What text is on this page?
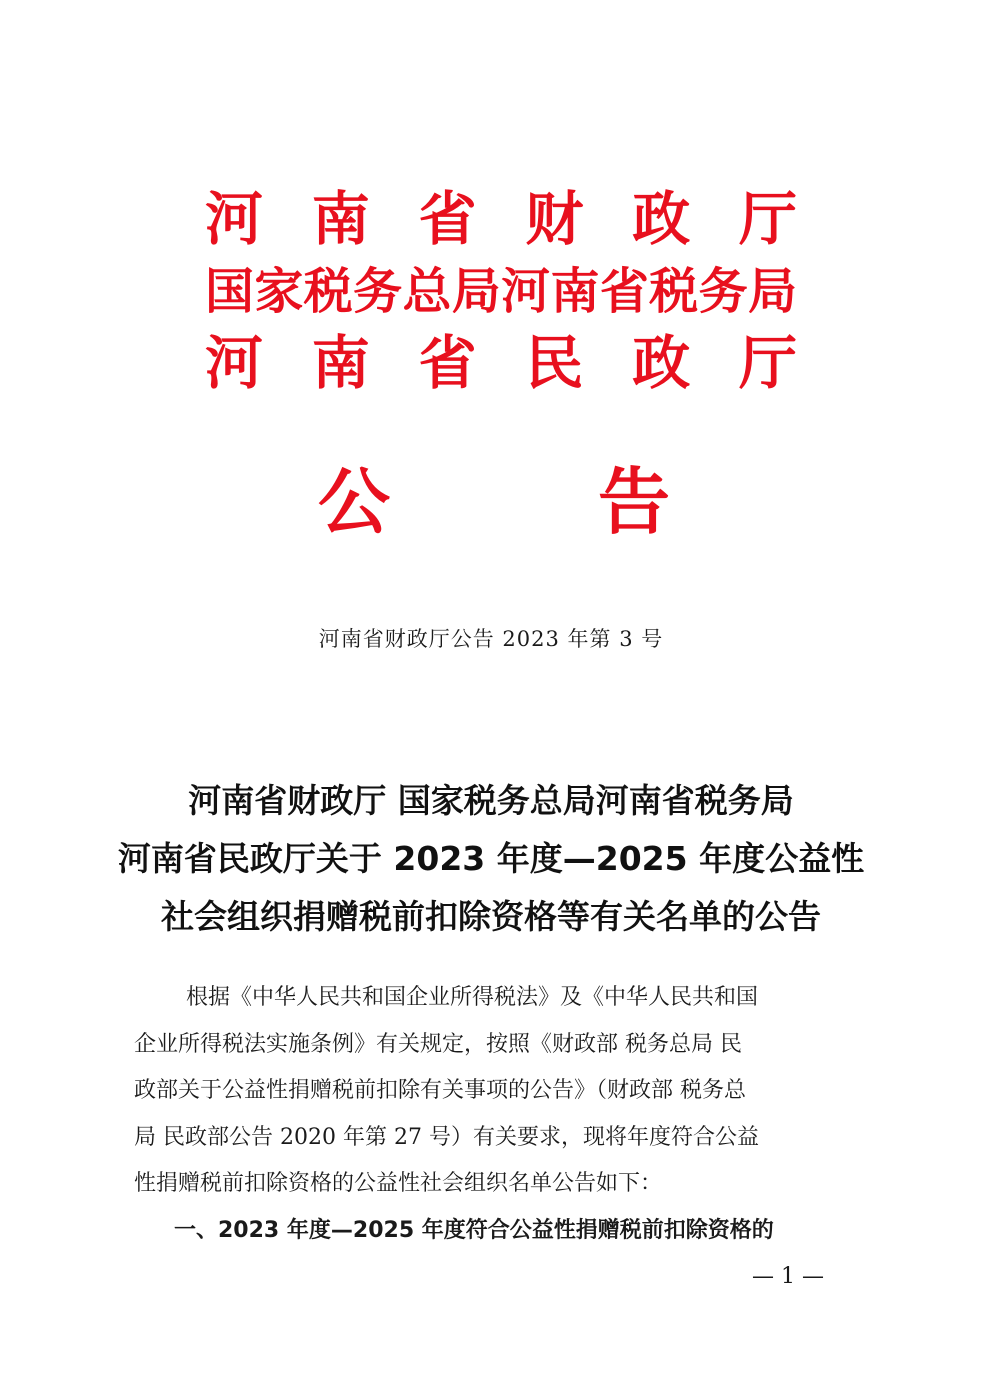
河 南 省 财 政 厅
国 家 税 务 总 局 河 南 省 税 务 局
河 南 省 民 政 厅
公	告
河南省财政厅公告 2023 年第 3 号
河南省财政厅 国家税务总局河南省税务局
河南省民政厅关于 2023 年度—2025 年度公益性
社会组织捐赠税前扣除资格等有关名单的公告
根据《中华人民共和国企业所得税法》及《中华人民共和国
企业所得税法实施条例》有关规定，按照《财政部 税务总局 民
政部关于公益性捐赠税前扣除有关事项的公告》（财政部 税务总
局 民政部公告 2020 年第 27 号）有关要求，现将年度符合公益
性捐赠税前扣除资格的公益性社会组织名单公告如下：
一、2023 年度—2025 年度符合公益性捐赠税前扣除资格的
— 1 —
